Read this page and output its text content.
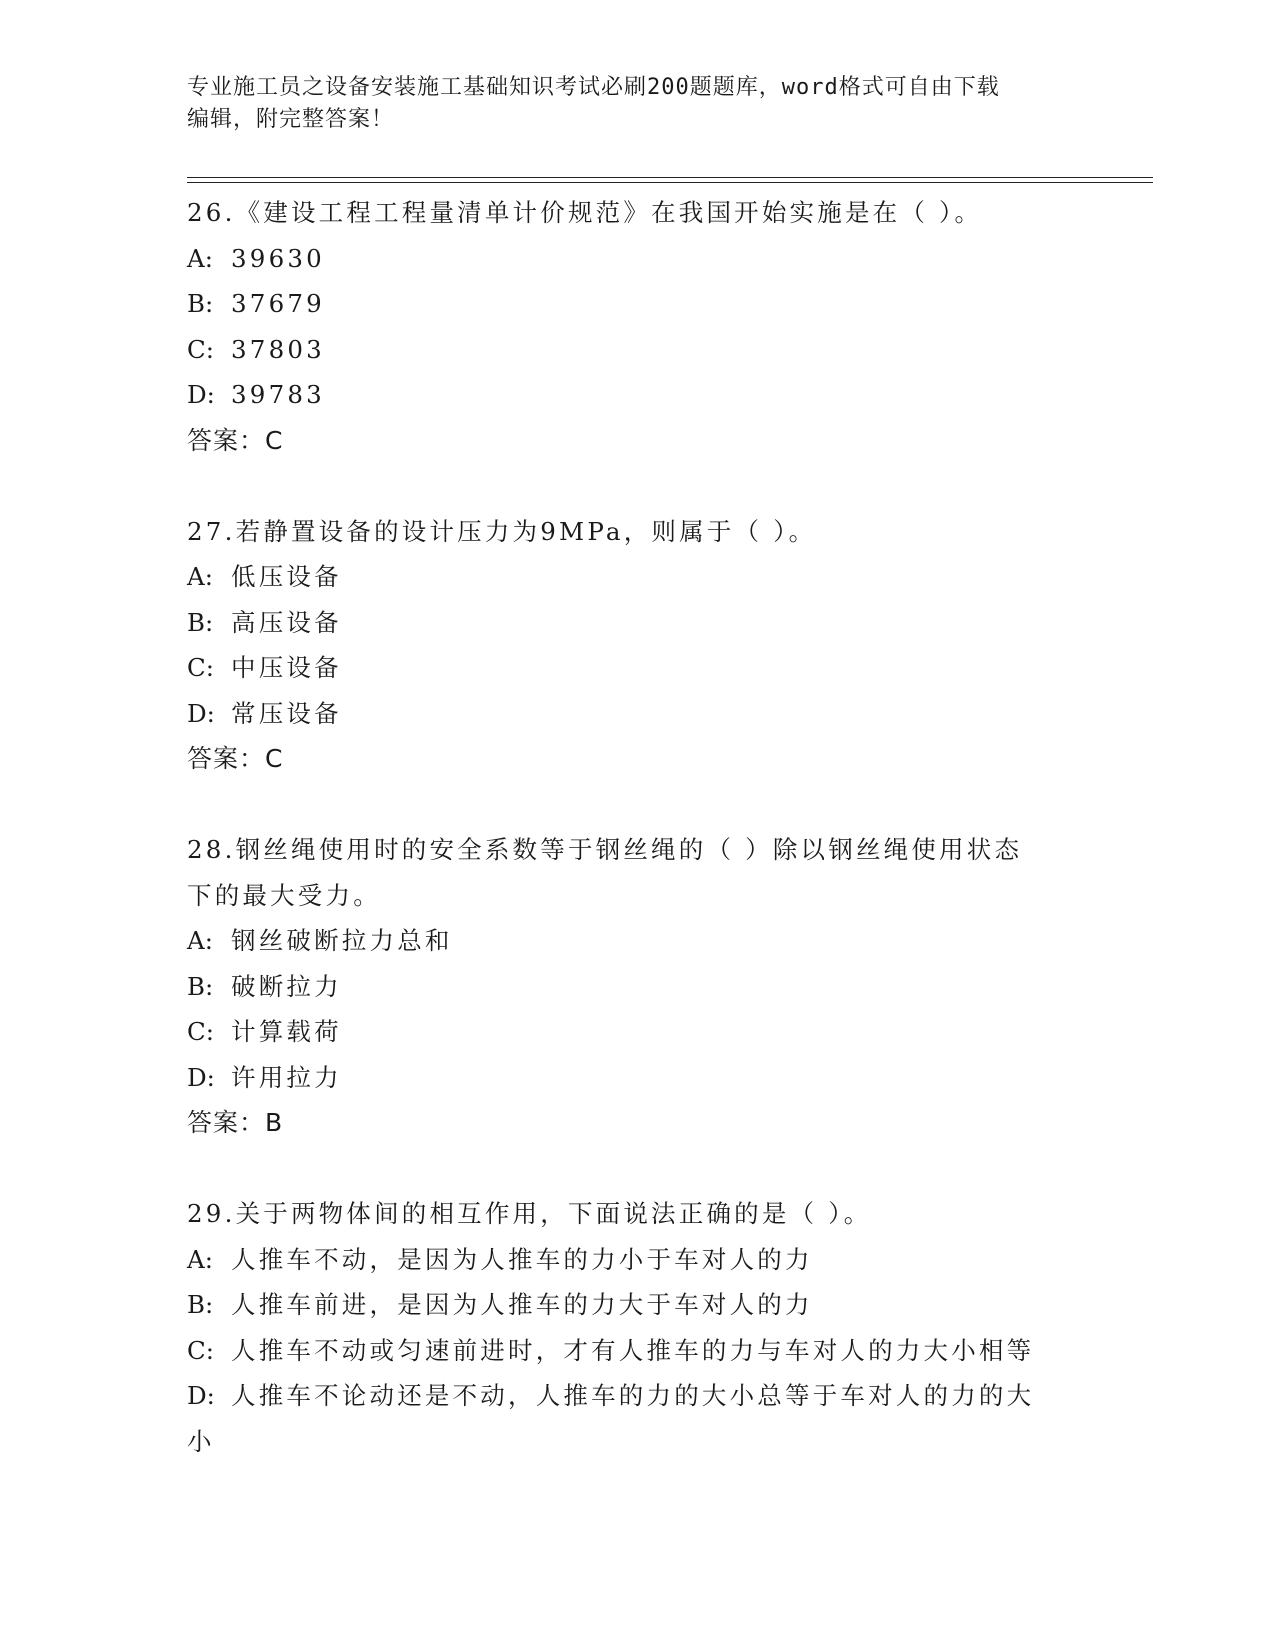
专业施工员之设备安装施工基础知识考试必刷200题题库，word格式可自由下载
编辑，附完整答案！

26.《建设工程工程量清单计价规范》在我国开始实施是在（ ）。

A: 39630

B: 37679

C: 37803

D: 39783

答案：C

27.若静置设备的设计压力为9MPa，则属于（ ）。

A: 低压设备

B: 高压设备

C: 中压设备

D: 常压设备

答案：C

28.钢丝绳使用时的安全系数等于钢丝绳的（ ）除以钢丝绳使用状态下的最大受力。

A: 钢丝破断拉力总和

B: 破断拉力

C: 计算载荷

D: 许用拉力

答案：B

29.关于两物体间的相互作用，下面说法正确的是（ ）。

A: 人推车不动，是因为人推车的力小于车对人的力

B: 人推车前进，是因为人推车的力大于车对人的力

C: 人推车不动或匀速前进时，才有人推车的力与车对人的力大小相等

D: 人推车不论动还是不动，人推车的力的大小总等于车对人的力的大小
